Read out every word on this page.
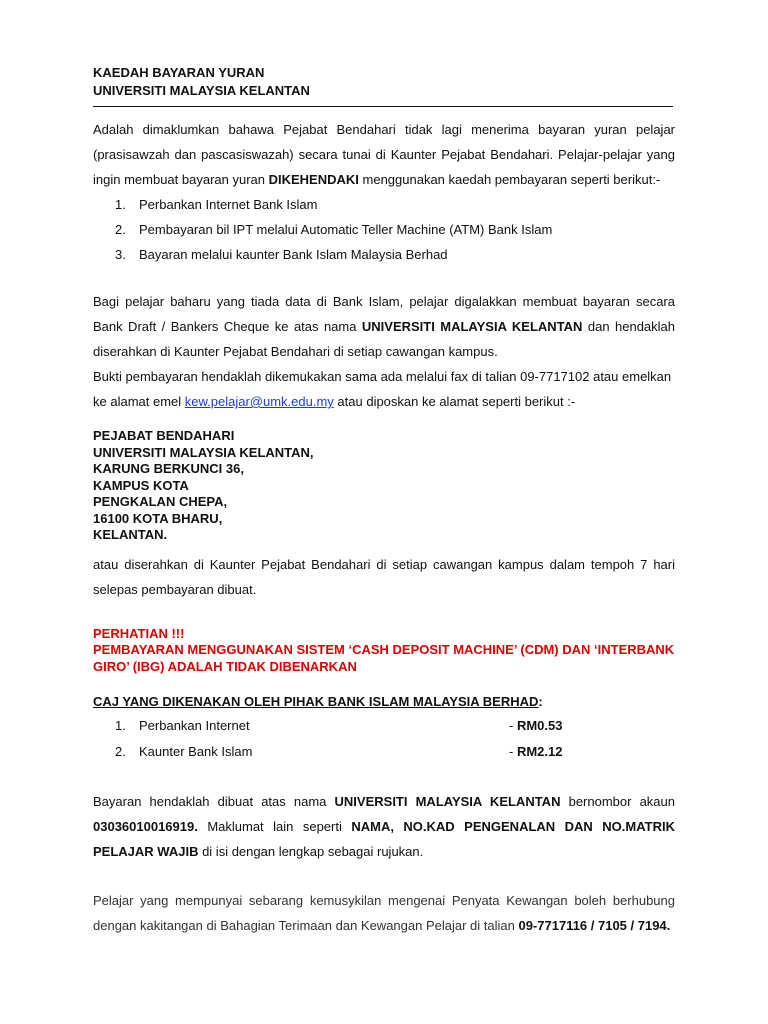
KAEDAH BAYARAN YURAN

UNIVERSITI MALAYSIA KELANTAN

Adalah dimaklumkan bahawa Pejabat Bendahari tidak lagi menerima bayaran yuran pelajar (prasisawzah dan pascasiswazah) secara tunai di Kaunter Pejabat Bendahari. Pelajar-pelajar yang ingin membuat bayaran yuran DIKEHENDAKI menggunakan kaedah pembayaran seperti berikut:-

1. Perbankan Internet Bank Islam
2. Pembayaran bil IPT melalui Automatic Teller Machine (ATM) Bank Islam
3. Bayaran melalui kaunter Bank Islam Malaysia Berhad

Bagi pelajar baharu yang tiada data di Bank Islam, pelajar digalakkan membuat bayaran secara Bank Draft / Bankers Cheque ke atas nama UNIVERSITI MALAYSIA KELANTAN dan hendaklah diserahkan di Kaunter Pejabat Bendahari di setiap cawangan kampus.

Bukti pembayaran hendaklah dikemukakan sama ada melalui fax di talian 09-7717102 atau emelkan ke alamat emel kew.pelajar@umk.edu.my atau diposkan ke alamat seperti berikut :-

PEJABAT BENDAHARI
UNIVERSITI MALAYSIA KELANTAN,
KARUNG BERKUNCI 36,
KAMPUS KOTA
PENGKALAN CHEPA,
16100 KOTA BHARU,
KELANTAN.

atau diserahkan di Kaunter Pejabat Bendahari di setiap cawangan kampus dalam tempoh 7 hari selepas pembayaran dibuat.

PERHATIAN !!!
PEMBAYARAN MENGGUNAKAN SISTEM ‘CASH DEPOSIT MACHINE’ (CDM) DAN ‘INTERBANK GIRO’ (IBG) ADALAH TIDAK DIBENARKAN

CAJ YANG DIKENAKAN OLEH PIHAK BANK ISLAM MALAYSIA BERHAD:

1. Perbankan Internet	- RM0.53
2. Kaunter Bank Islam	- RM2.12

Bayaran hendaklah dibuat atas nama UNIVERSITI MALAYSIA KELANTAN bernombor akaun 03036010016919. Maklumat lain seperti NAMA, NO.KAD PENGENALAN DAN NO.MATRIK PELAJAR WAJIB di isi dengan lengkap sebagai rujukan.

Pelajar yang mempunyai sebarang kemusykilan mengenai Penyata Kewangan boleh berhubung dengan kakitangan di Bahagian Terimaan dan Kewangan Pelajar di talian 09-7717116 / 7105 / 7194.
